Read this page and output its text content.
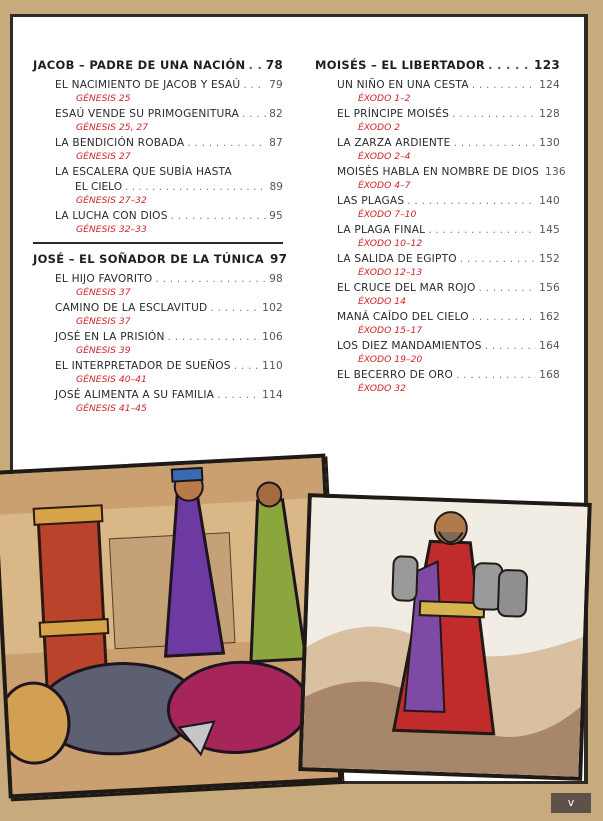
JACOB – PADRE DE UNA NACIÓN . . . 78
EL NACIMIENTO DE JACOB Y ESAÚ . . .	79
GÉNESIS 25
ESAÚ VENDE SU PRIMOGENITURA . . .	82
GÉNESIS 25, 27
LA BENDICIÓN ROBADA . . .	87
GÉNESIS 27
LA ESCALERA QUE SUBÍA HASTA
EL CIELO . . .	89
GÉNESIS 27–32
LA LUCHA CON DIOS . . .	95
GÉNESIS 32–33
JOSÉ – EL SOÑADOR DE LA TÚNICA 97
EL HIJO FAVORITO . . .	98
GÉNESIS 37
CAMINO DE LA ESCLAVITUD . . .	102
GÉNESIS 37
JOSÉ EN LA PRISIÓN . . .	106
GÉNESIS 39
EL INTERPRETADOR DE SUEÑOS . . .	110
GÉNESIS 40–41
JOSÉ ALIMENTA A SU FAMILIA . . .	114
GÉNESIS 41–45
MOISÉS – EL LIBERTADOR . . .	123
UN NIÑO EN UNA CESTA . . .	124
ÉXODO 1–2
EL PRÍNCIPE MOISÉS . . .	128
ÉXODO 2
LA ZARZA ARDIENTE . . .	130
ÉXODO 2–4
MOISÉS HABLA EN NOMBRE DE DIOS 136
ÉXODO 4–7
LAS PLAGAS . . .	140
ÉXODO 7–10
LA PLAGA FINAL . . .	145
ÉXODO 10–12
LA SALIDA DE EGIPTO . . .	152
ÉXODO 12–13
EL CRUCE DEL MAR ROJO . . .	156
ÉXODO 14
MANÁ CAÍDO DEL CIELO . . .	162
ÉXODO 15–17
LOS DIEZ MANDAMIENTOS . . .	164
ÉXODO 19–20
EL BECERRO DE ORO . . .	168
ÉXODO 32
v
